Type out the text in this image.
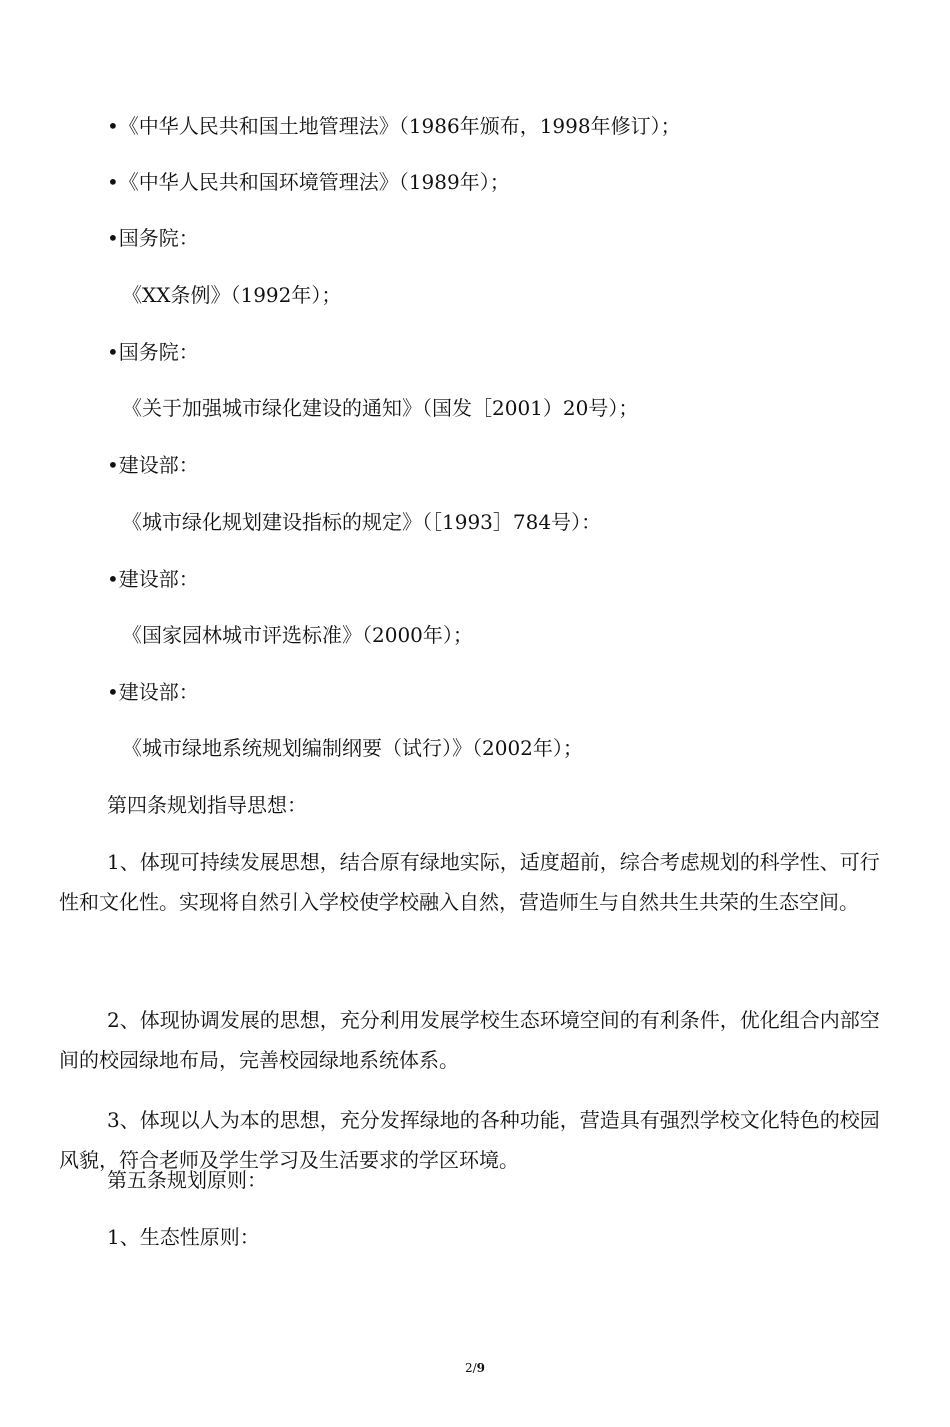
•《中华人民共和国土地管理法》（1986年颁布，1998年修订）；
•《中华人民共和国环境管理法》（1989年）；
•国务院：
《XX条例》（1992年）；
•国务院：
《关于加强城市绿化建设的通知》（国发［2001）20号）；
•建设部：
《城市绿化规划建设指标的规定》（［1993］784号）：
•建设部：
《国家园林城市评选标准》（2000年）；
•建设部：
《城市绿地系统规划编制纲要（试行）》（2002年）；
第四条规划指导思想：
1、体现可持续发展思想，结合原有绿地实际，适度超前，综合考虑规划的科学性、可行性和文化性。实现将自然引入学校使学校融入自然，营造师生与自然共生共荣的生态空间。
2、体现协调发展的思想，充分利用发展学校生态环境空间的有利条件，优化组合内部空间的校园绿地布局，完善校园绿地系统体系。
3、体现以人为本的思想，充分发挥绿地的各种功能，营造具有强烈学校文化特色的校园风貌，符合老师及学生学习及生活要求的学区环境。
第五条规划原则：
1、生态性原则：
2/9
